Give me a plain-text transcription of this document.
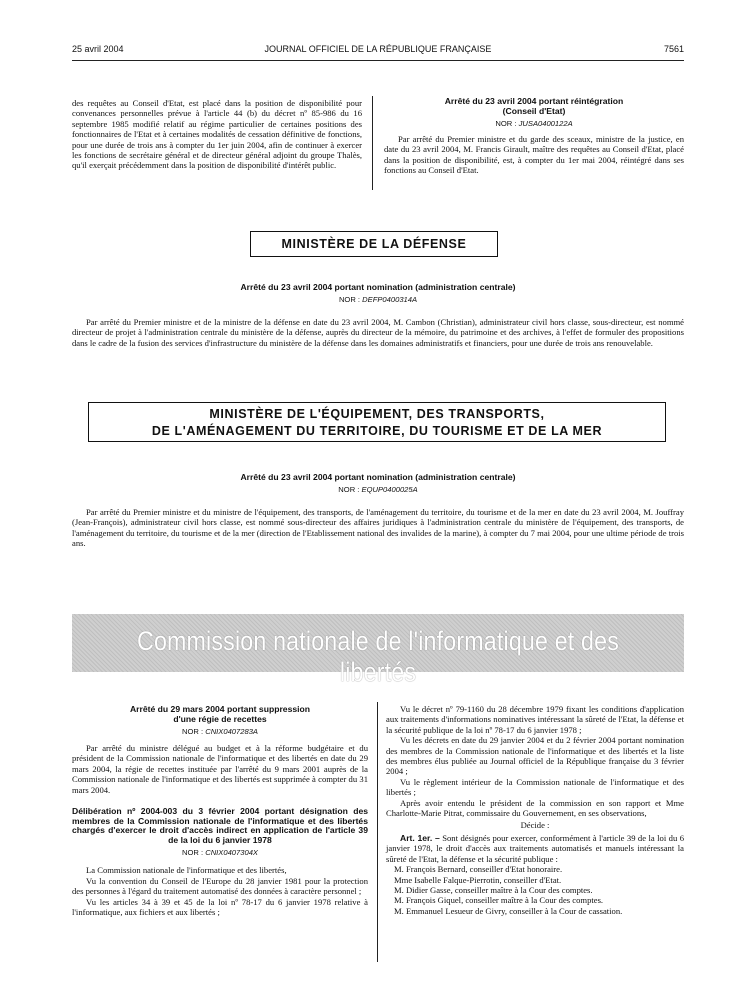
25 avril 2004	JOURNAL OFFICIEL DE LA RÉPUBLIQUE FRANÇAISE	7561

des requêtes au Conseil d'Etat, est placé dans la position de disponibilité pour convenances personnelles prévue à l'article 44 (b) du décret nº 85-986 du 16 septembre 1985 modifié relatif au régime particulier de certaines positions des fonctionnaires de l'Etat et à certaines modalités de cessation définitive de fonctions, pour une durée de trois ans à compter du 1er juin 2004, afin de continuer à exercer les fonctions de secrétaire général et de directeur général adjoint du groupe Thalès, qu'il exerçait précédemment dans la position de disponibilité d'intérêt public.

Arrêté du 23 avril 2004 portant réintégration
(Conseil d'Etat)
NOR : JUSA0400122A

Par arrêté du Premier ministre et du garde des sceaux, ministre de la justice, en date du 23 avril 2004, M. Francis Girault, maître des requêtes au Conseil d'Etat, placé dans la position de disponibilité, est, à compter du 1er mai 2004, réintégré dans ses fonctions au Conseil d'Etat.

MINISTÈRE DE LA DÉFENSE
Arrêté du 23 avril 2004 portant nomination (administration centrale)
NOR : DEFP0400314A

Par arrêté du Premier ministre et de la ministre de la défense en date du 23 avril 2004, M. Cambon (Christian), administrateur civil hors classe, sous-directeur, est nommé directeur de projet à l'administration centrale du ministère de la défense, auprès du directeur de la mémoire, du patrimoine et des archives, à l'effet de formuler des propositions dans le cadre de la fusion des services d'infrastructure du ministère de la défense dans les domaines administratifs et financiers, pour une durée de trois ans renouvelable.

MINISTÈRE DE L'ÉQUIPEMENT, DES TRANSPORTS,
DE L'AMÉNAGEMENT DU TERRITOIRE, DU TOURISME ET DE LA MER
Arrêté du 23 avril 2004 portant nomination (administration centrale)
NOR : EQUP0400025A

Par arrêté du Premier ministre et du ministre de l'équipement, des transports, de l'aménagement du territoire, du tourisme et de la mer en date du 23 avril 2004, M. Jouffray (Jean-François), administrateur civil hors classe, est nommé sous-directeur des affaires juridiques à l'administration centrale du ministère de l'équipement, des transports, de l'aménagement du territoire, du tourisme et de la mer (direction de l'Etablissement national des invalides de la marine), à compter du 7 mai 2004, pour une ultime période de trois ans.

Commission nationale de l'informatique et des libertés
Arrêté du 29 mars 2004 portant suppression
d'une régie de recettes
NOR : CNIX0407283A

Par arrêté du ministre délégué au budget et à la réforme budgétaire et du président de la Commission nationale de l'informatique et des libertés en date du 29 mars 2004, la régie de recettes instituée par l'arrêté du 9 mars 2001 auprès de la Commission nationale de l'informatique et des libertés est supprimée à compter du 31 mars 2004.

Délibération nº 2004-003 du 3 février 2004 portant désignation des membres de la Commission nationale de l'informatique et des libertés chargés d'exercer le droit d'accès indirect en application de l'article 39 de la loi du 6 janvier 1978
NOR : CNIX0407304X

La Commission nationale de l'informatique et des libertés,

Vu la convention du Conseil de l'Europe du 28 janvier 1981 pour la protection des personnes à l'égard du traitement automatisé des données à caractère personnel ;

Vu les articles 34 à 39 et 45 de la loi nº 78-17 du 6 janvier 1978 relative à l'informatique, aux fichiers et aux libertés ;

Vu le décret nº 79-1160 du 28 décembre 1979 fixant les conditions d'application aux traitements d'informations nominatives intéressant la sûreté de l'Etat, la défense et la sécurité publique de la loi nº 78-17 du 6 janvier 1978 ;

Vu les décrets en date du 29 janvier 2004 et du 2 février 2004 portant nomination des membres de la Commission nationale de l'informatique et des libertés et la liste des membres élus publiée au Journal officiel de la République française du 3 février 2004 ;

Vu le règlement intérieur de la Commission nationale de l'informatique et des libertés ;

Après avoir entendu le président de la commission en son rapport et Mme Charlotte-Marie Pitrat, commissaire du Gouvernement, en ses observations,

Décide :

Art. 1er. – Sont désignés pour exercer, conformément à l'article 39 de la loi du 6 janvier 1978, le droit d'accès aux traitements automatisés et manuels intéressant la sûreté de l'Etat, la défense et la sécurité publique :

M. François Bernard, conseiller d'Etat honoraire.

Mme Isabelle Falque-Pierrotin, conseiller d'Etat.

M. Didier Gasse, conseiller maître à la Cour des comptes.

M. François Giquel, conseiller maître à la Cour des comptes.

M. Emmanuel Lesueur de Givry, conseiller à la Cour de cassation.
